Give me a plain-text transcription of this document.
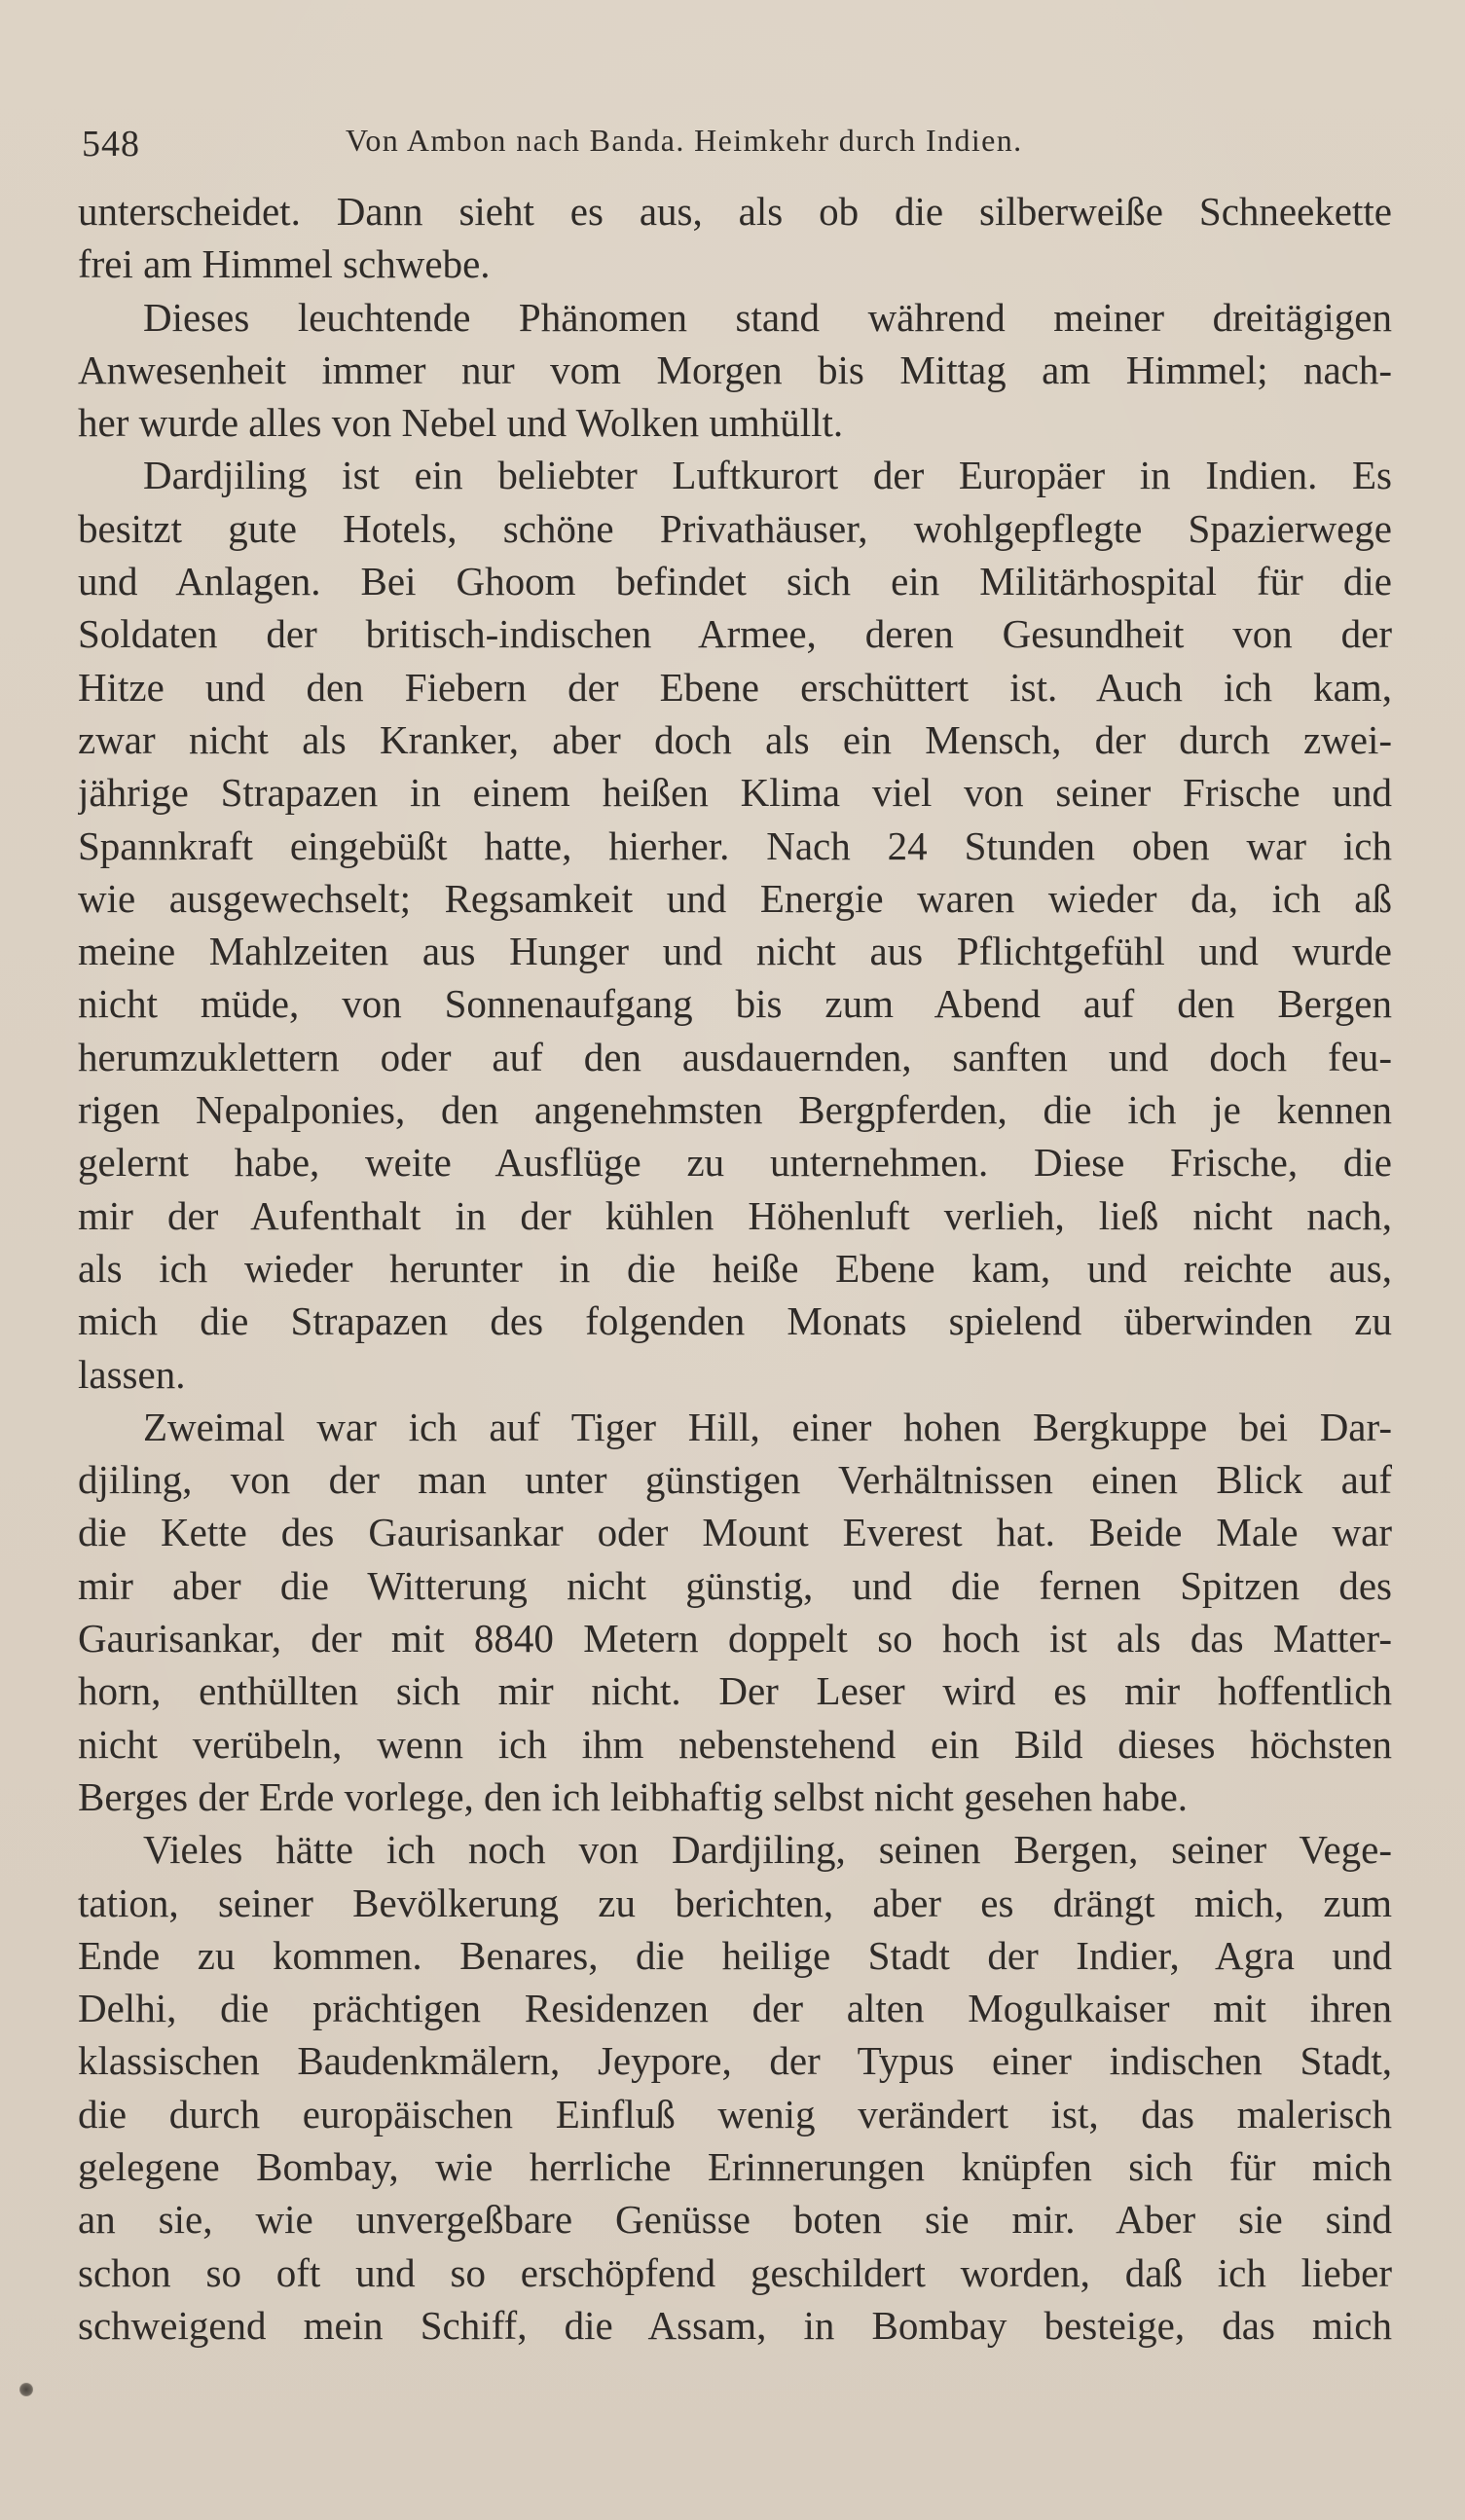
548	Von Ambon nach Banda. Heimkehr durch Indien.
unterscheidet. Dann sieht es aus, als ob die silberweiße Schneekette
frei am Himmel schwebe.
Dieses leuchtende Phänomen stand während meiner dreitägigen
Anwesenheit immer nur vom Morgen bis Mittag am Himmel; nach-
her wurde alles von Nebel und Wolken umhüllt.
Dardjiling ist ein beliebter Luftkurort der Europäer in Indien. Es
besitzt gute Hotels, schöne Privathäuser, wohlgepflegte Spazierwege
und Anlagen. Bei Ghoom befindet sich ein Militärhospital für die
Soldaten der britisch-indischen Armee, deren Gesundheit von der
Hitze und den Fiebern der Ebene erschüttert ist. Auch ich kam,
zwar nicht als Kranker, aber doch als ein Mensch, der durch zwei-
jährige Strapazen in einem heißen Klima viel von seiner Frische und
Spannkraft eingebüßt hatte, hierher. Nach 24 Stunden oben war ich
wie ausgewechselt; Regsamkeit und Energie waren wieder da, ich aß
meine Mahlzeiten aus Hunger und nicht aus Pflichtgefühl und wurde
nicht müde, von Sonnenaufgang bis zum Abend auf den Bergen
herumzuklettern oder auf den ausdauernden, sanften und doch feu-
rigen Nepalponies, den angenehmsten Bergpferden, die ich je kennen
gelernt habe, weite Ausflüge zu unternehmen. Diese Frische, die
mir der Aufenthalt in der kühlen Höhenluft verlieh, ließ nicht nach,
als ich wieder herunter in die heiße Ebene kam, und reichte aus,
mich die Strapazen des folgenden Monats spielend überwinden zu
lassen.
Zweimal war ich auf Tiger Hill, einer hohen Bergkuppe bei Dar-
djiling, von der man unter günstigen Verhältnissen einen Blick auf
die Kette des Gaurisankar oder Mount Everest hat. Beide Male war
mir aber die Witterung nicht günstig, und die fernen Spitzen des
Gaurisankar, der mit 8840 Metern doppelt so hoch ist als das Matter-
horn, enthüllten sich mir nicht. Der Leser wird es mir hoffentlich
nicht verübeln, wenn ich ihm nebenstehend ein Bild dieses höchsten
Berges der Erde vorlege, den ich leibhaftig selbst nicht gesehen habe.
Vieles hätte ich noch von Dardjiling, seinen Bergen, seiner Vege-
tation, seiner Bevölkerung zu berichten, aber es drängt mich, zum
Ende zu kommen. Benares, die heilige Stadt der Indier, Agra und
Delhi, die prächtigen Residenzen der alten Mogulkaiser mit ihren
klassischen Baudenkmälern, Jeypore, der Typus einer indischen Stadt,
die durch europäischen Einfluß wenig verändert ist, das malerisch
gelegene Bombay, wie herrliche Erinnerungen knüpfen sich für mich
an sie, wie unvergeßbare Genüsse boten sie mir. Aber sie sind
schon so oft und so erschöpfend geschildert worden, daß ich lieber
schweigend mein Schiff, die Assam, in Bombay besteige, das mich
